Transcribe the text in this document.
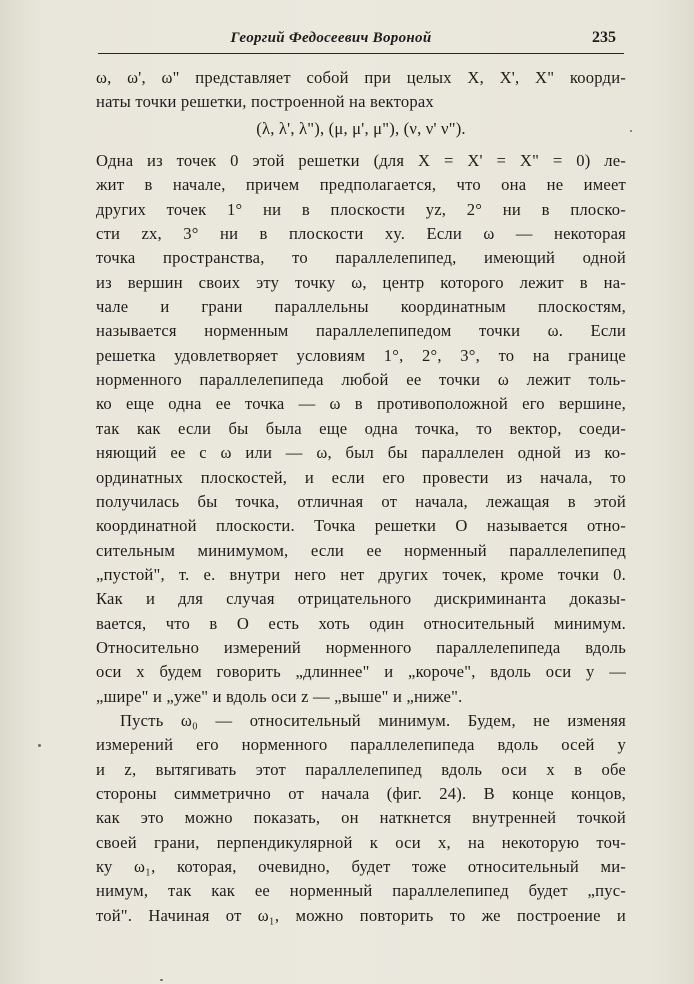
Георгий Федосеевич Вороной	235

ω, ω', ω" представляет собой при целых X, X', X" коорди-

наты точки решетки, построенной на векторах

(λ, λ', λ"), (μ, μ', μ"), (ν, ν' ν").

Одна из точек 0 этой решетки (для X = X' = X" = 0) ле-

жит в начале, причем предполагается, что она не имеет

других точек 1° ни в плоскости yz, 2° ни в плоско-

сти zx, 3° ни в плоскости xy. Если ω — некоторая

точка пространства, то параллелепипед, имеющий одной

из вершин своих эту точку ω, центр которого лежит в на-

чале и грани параллельны координатным плоскостям,

называется норменным параллелепипедом точки ω. Если

решетка удовлетворяет условиям 1°, 2°, 3°, то на границе

норменного параллелепипеда любой ее точки ω лежит толь-

ко еще одна ее точка — ω в противоположной его вершине,

так как если бы была еще одна точка, то вектор, соеди-

няющий ее с ω или — ω, был бы параллелен одной из ко-

ординатных плоскостей, и если его провести из начала, то

получилась бы точка, отличная от начала, лежащая в этой

координатной плоскости. Точка решетки O называется отно-

сительным минимумом, если ее норменный параллелепипед

„пустой", т. е. внутри него нет других точек, кроме точки 0.

Как и для случая отрицательного дискриминанта доказы-

вается, что в O есть хоть один относительный минимум.

Относительно измерений норменного параллелепипеда вдоль

оси x будем говорить „длиннее" и „короче", вдоль оси y —

„шире" и „уже" и вдоль оси z — „выше" и „ниже".

Пусть ω₀ — относительный минимум. Будем, не изменяя

измерений его норменного параллелепипеда вдоль осей y

и z, вытягивать этот параллелепипед вдоль оси x в обе

стороны симметрично от начала (фиг. 24). В конце концов,

как это можно показать, он наткнется внутренней точкой

своей грани, перпендикулярной к оси x, на некоторую точ-

ку ω₁, которая, очевидно, будет тоже относительный ми-

нимум, так как ее норменный параллелепипед будет „пус-

той". Начиная от ω₁, можно повторить то же построение и
